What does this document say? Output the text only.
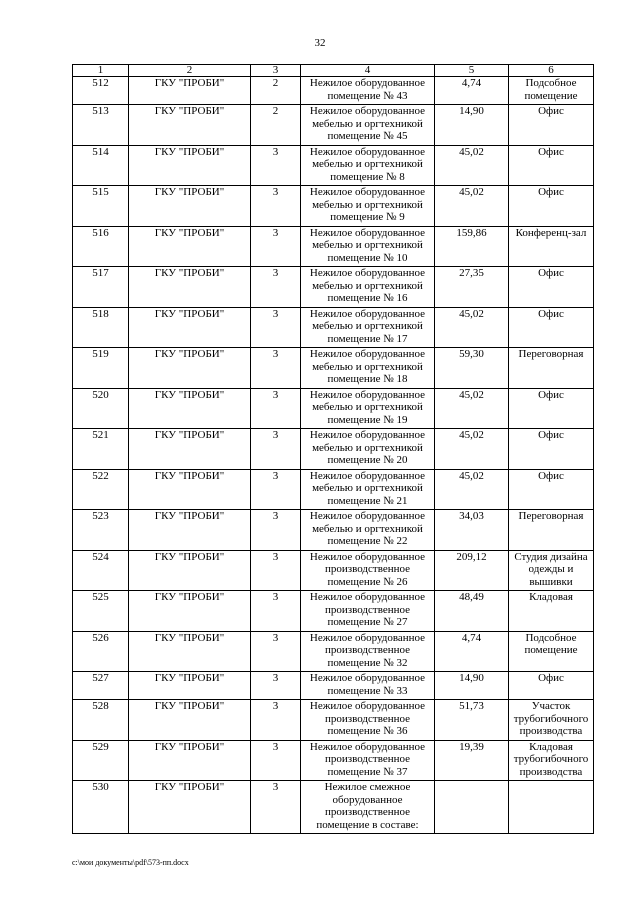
32
1	2	3	4	5	6
512	ГКУ "ПРОБИ"	2	Нежилое оборудованное
помещение № 43	4,74	Подсобное
помещение
513	ГКУ "ПРОБИ"	2	Нежилое оборудованное
мебелью и оргтехникой
помещение № 45	14,90	Офис
514	ГКУ "ПРОБИ"	3	Нежилое оборудованное
мебелью и оргтехникой
помещение № 8	45,02	Офис
515	ГКУ "ПРОБИ"	3	Нежилое оборудованное
мебелью и оргтехникой
помещение № 9	45,02	Офис
516	ГКУ "ПРОБИ"	3	Нежилое оборудованное
мебелью и оргтехникой
помещение № 10	159,86	Конференц-зал
517	ГКУ "ПРОБИ"	3	Нежилое оборудованное
мебелью и оргтехникой
помещение № 16	27,35	Офис
518	ГКУ "ПРОБИ"	3	Нежилое оборудованное
мебелью и оргтехникой
помещение № 17	45,02	Офис
519	ГКУ "ПРОБИ"	3	Нежилое оборудованное
мебелью и оргтехникой
помещение № 18	59,30	Переговорная
520	ГКУ "ПРОБИ"	3	Нежилое оборудованное
мебелью и оргтехникой
помещение № 19	45,02	Офис
521	ГКУ "ПРОБИ"	3	Нежилое оборудованное
мебелью и оргтехникой
помещение № 20	45,02	Офис
522	ГКУ "ПРОБИ"	3	Нежилое оборудованное
мебелью и оргтехникой
помещение № 21	45,02	Офис
523	ГКУ "ПРОБИ"	3	Нежилое оборудованное
мебелью и оргтехникой
помещение № 22	34,03	Переговорная
524	ГКУ "ПРОБИ"	3	Нежилое оборудованное
производственное
помещение № 26	209,12	Студия дизайна
одежды и
вышивки
525	ГКУ "ПРОБИ"	3	Нежилое оборудованное
производственное
помещение № 27	48,49	Кладовая
526	ГКУ "ПРОБИ"	3	Нежилое оборудованное
производственное
помещение № 32	4,74	Подсобное
помещение
527	ГКУ "ПРОБИ"	3	Нежилое оборудованное
помещение № 33	14,90	Офис
528	ГКУ "ПРОБИ"	3	Нежилое оборудованное
производственное
помещение № 36	51,73	Участок
трубогибочного
производства
529	ГКУ "ПРОБИ"	3	Нежилое оборудованное
производственное
помещение № 37	19,39	Кладовая
трубогибочного
производства
530	ГКУ "ПРОБИ"	3	Нежилое смежное
оборудованное
производственное
помещение в составе:		
c:\мои документы\pdf\573-пп.docx
